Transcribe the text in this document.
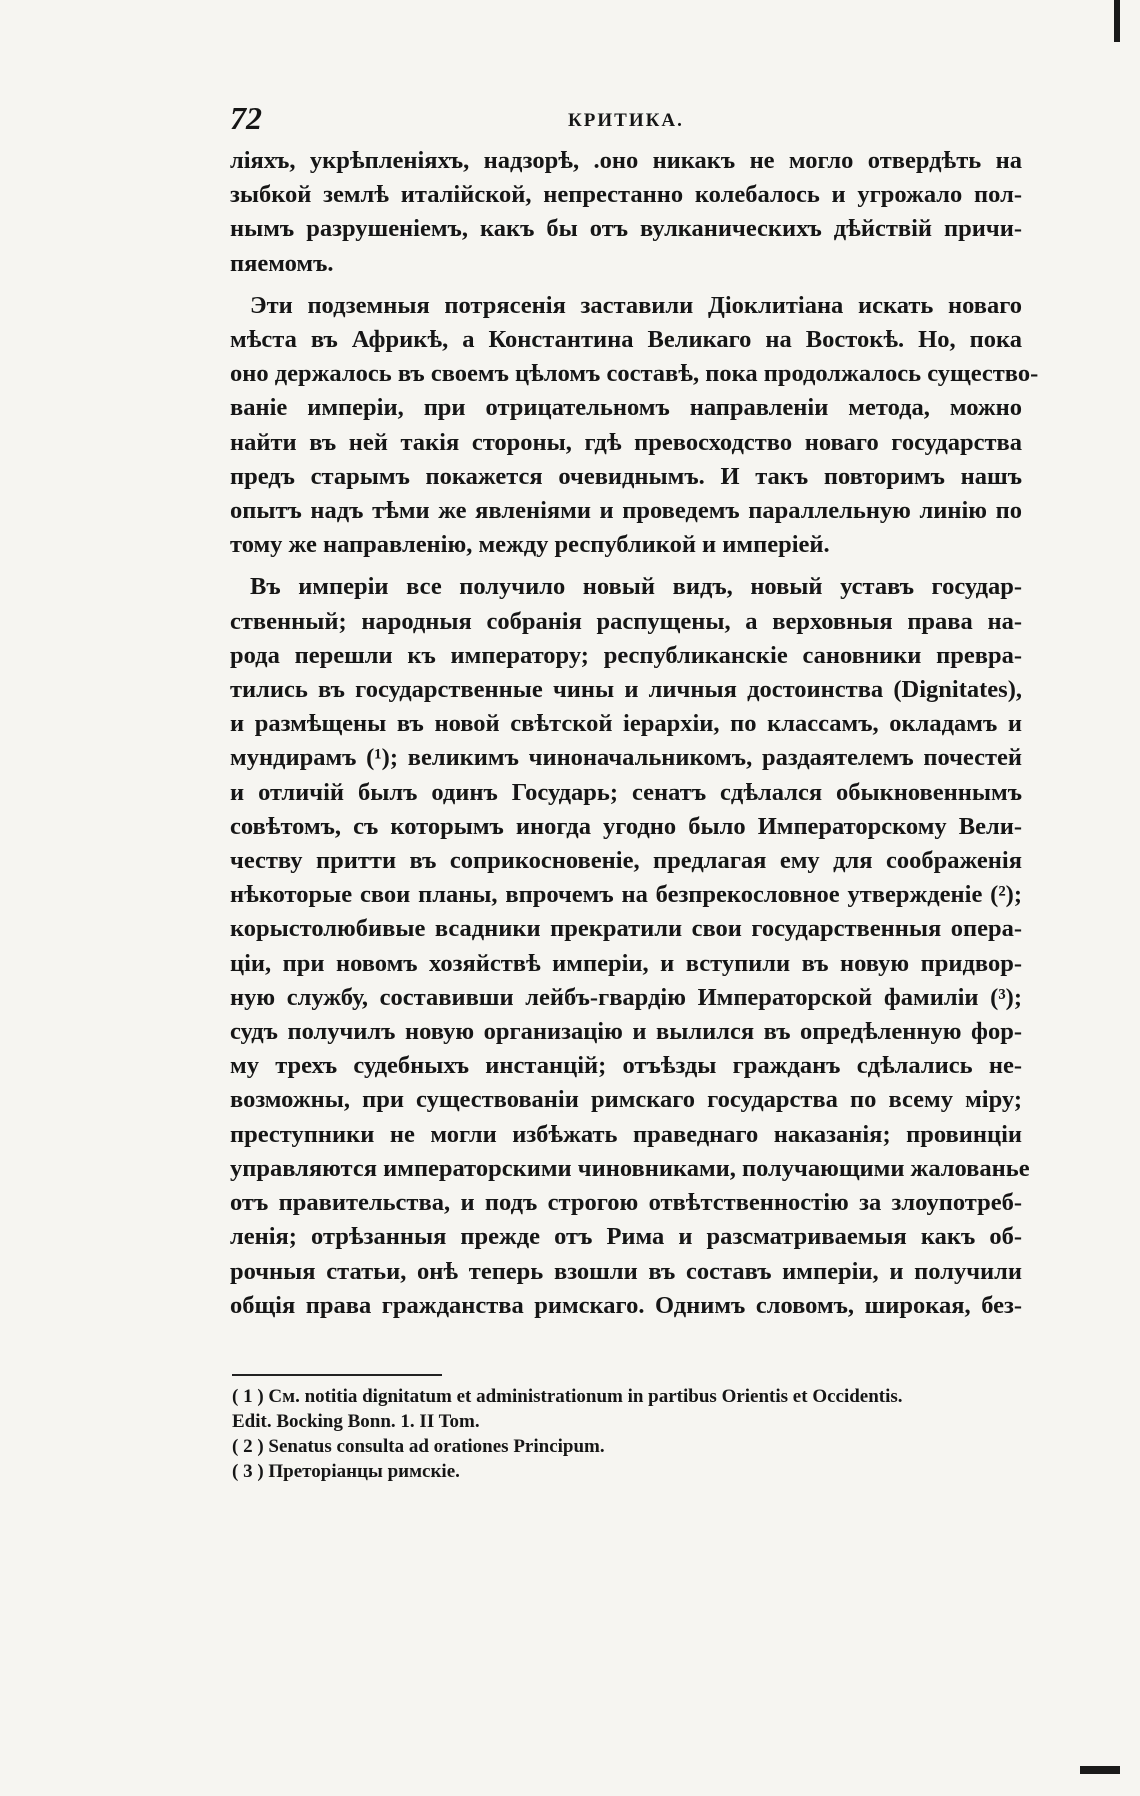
72	КРИТИКА.
ліяхъ, укрѣпленіяхъ, надзорѣ, .оно никакъ не могло отвердѣть на
зыбкой землѣ италійской, непрестанно колебалось и угрожало пол-
нымъ разрушеніемъ, какъ бы отъ вулканическихъ дѣйствій причи-
пяемомъ.
Эти подземныя потрясенія заставили Діоклитіана искать новаго
мѣста въ Африкѣ, а Константина Великаго на Востокѣ. Но, пока
оно держалось въ своемъ цѣломъ составѣ, пока продолжалось существо-
ваніе имперіи, при отрицательномъ направленіи метода, можно
найти въ ней такія стороны, гдѣ превосходство новаго государства
предъ старымъ покажется очевиднымъ. И такъ повторимъ нашъ
опытъ надъ тѣми же явленіями и проведемъ параллельную линію по
тому же направленію, между республикой и имперіей.
Въ имперіи все получило новый видъ, новый уставъ государ-
ственный; народныя собранія распущены, а верховныя права на-
рода перешли къ императору; республиканскіе сановники превра-
тились въ государственные чины и личныя достоинства (Dignitates),
и размѣщены въ новой свѣтской іерархіи, по классамъ, окладамъ и
мундирамъ (¹); великимъ чиноначальникомъ, раздаятелемъ почестей
и отличій былъ одинъ Государь; сенатъ сдѣлался обыкновеннымъ
совѣтомъ, съ которымъ иногда угодно было Императорскому Вели-
честву притти въ соприкосновеніе, предлагая ему для соображенія
нѣкоторые свои планы, впрочемъ на безпрекословное утвержденіе (²);
корыстолюбивые всадники прекратили свои государственныя опера-
ціи, при новомъ хозяйствѣ имперіи, и вступили въ новую придвор-
ную службу, составивши лейбъ-гвардію Императорской фамиліи (³);
судъ получилъ новую организацію и вылился въ опредѣленную фор-
му трехъ судебныхъ инстанцій; отъѣзды гражданъ сдѣлались не-
возможны, при существованіи римскаго государства по всему міру;
преступники не могли избѣжать праведнаго наказанія; провинціи
управляются императорскими чиновниками, получающими жалованье
отъ правительства, и подъ строгою отвѣтственностію за злоупотреб-
ленія; отрѣзанныя прежде отъ Рима и разсматриваемыя какъ об-
рочныя статьи, онѣ теперь взошли въ составъ имперіи, и получили
общія права гражданства римскаго. Однимъ словомъ, широкая, без-
( 1 ) См. notitia dignitatum et administrationum in partibus Orientis et Occidentis.
Edit. Bocking Bonn. 1. II Tom.
( 2 ) Senatus consulta ad orationes Principum.
( 3 ) Преторіанцы римскіе.
